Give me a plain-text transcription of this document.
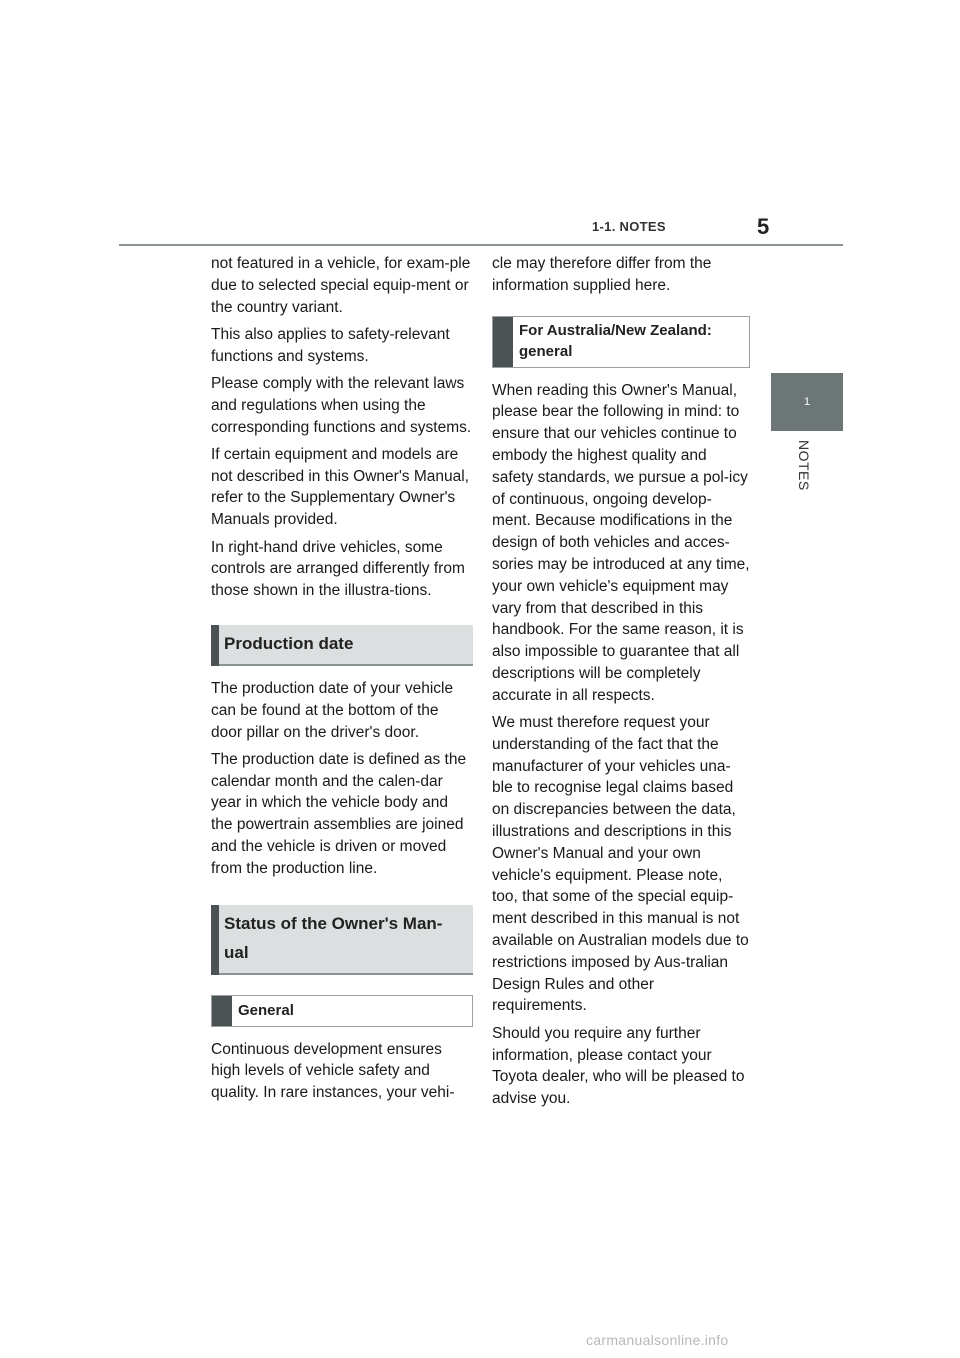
1-1. NOTES	5
1
NOTES

not featured in a vehicle, for exam-ple due to selected special equip-ment or the country variant.

This also applies to safety-relevant functions and systems.

Please comply with the relevant laws and regulations when using the corresponding functions and systems.

If certain equipment and models are not described in this Owner's Manual, refer to the Supplementary Owner's Manuals provided.

In right-hand drive vehicles, some controls are arranged differently from those shown in the illustra-tions.

Production date

The production date of your vehicle can be found at the bottom of the door pillar on the driver's door.

The production date is defined as the calendar month and the calen-dar year in which the vehicle body and the powertrain assemblies are joined and the vehicle is driven or moved from the production line.

Status of the Owner's Man-ual
General

Continuous development ensures high levels of vehicle safety and quality. In rare instances, your vehi-

cle may therefore differ from the information supplied here.

For Australia/New Zealand: general

When reading this Owner's Manual, please bear the following in mind: to ensure that our vehicles continue to embody the highest quality and safety standards, we pursue a pol-icy of continuous, ongoing develop-ment. Because modifications in the design of both vehicles and acces-sories may be introduced at any time, your own vehicle's equipment may vary from that described in this handbook. For the same reason, it is also impossible to guarantee that all descriptions will be completely accurate in all respects.

We must therefore request your understanding of the fact that the manufacturer of your vehicles una-ble to recognise legal claims based on discrepancies between the data, illustrations and descriptions in this Owner's Manual and your own vehicle's equipment. Please note, too, that some of the special equip-ment described in this manual is not available on Australian models due to restrictions imposed by Aus-tralian Design Rules and other requirements.

Should you require any further information, please contact your Toyota dealer, who will be pleased to advise you.

carmanualsonline.info
